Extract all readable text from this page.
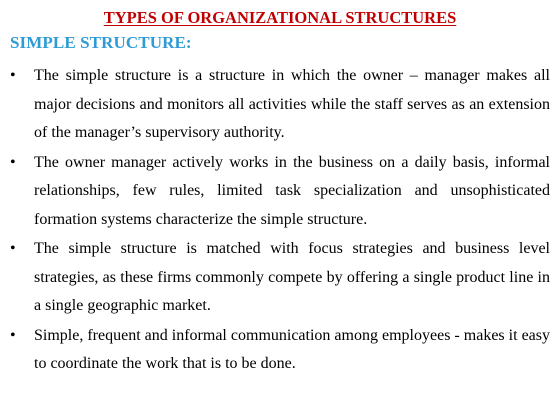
TYPES OF ORGANIZATIONAL STRUCTURES
SIMPLE STRUCTURE:
• The simple structure is a structure in which the owner – manager makes all major decisions and monitors all activities while the staff serves as an extension of the manager’s supervisory authority.
• The owner manager actively works in the business on a daily basis, informal relationships, few rules, limited task specialization and unsophisticated formation systems characterize the simple structure.
• The simple structure is matched with focus strategies and business level strategies, as these firms commonly compete by offering a single product line in a single geographic market.
• Simple, frequent and informal communication among employees - makes it easy to coordinate the work that is to be done.
